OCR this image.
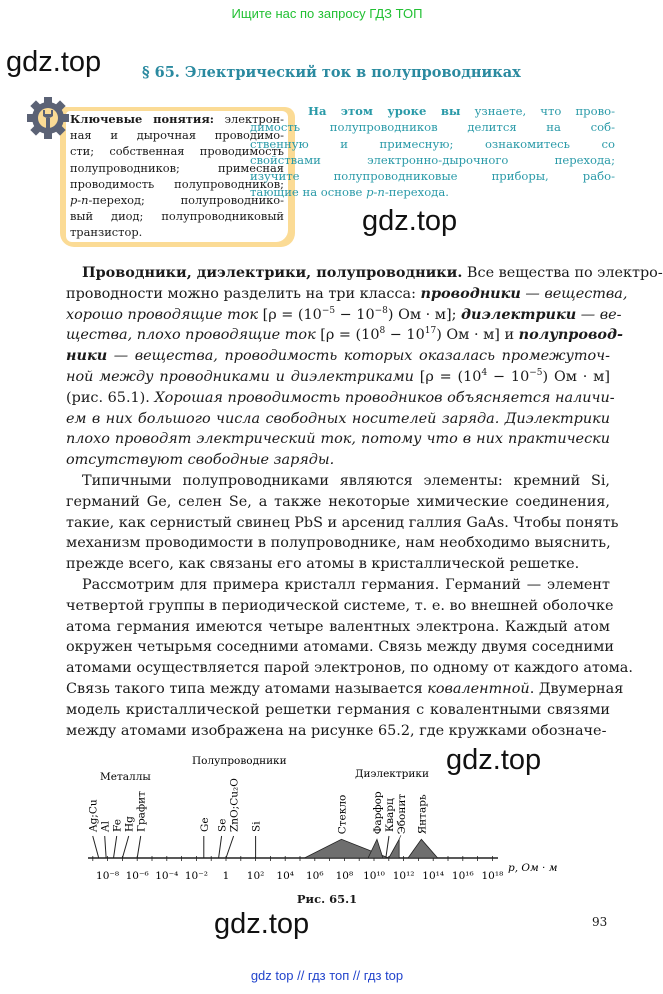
Ищите нас по запросу ГДЗ ТОП
gdz.top	§ 65. Электрический ток в полупроводниках
Ключевые понятия: электрон-
ная и дырочная проводимо-
сти; собственная проводимость
полупроводников; примесная
проводимость полупроводников;
p-n-переход; полупроводнико-
вый диод; полупроводниковый
транзистор.
На этом уроке вы узнаете, что прово-
димость полупроводников делится на соб-
ственную и примесную; ознакомитесь со
свойствами электронно-дырочного перехода;
изучите полупроводниковые приборы, рабо-
тающие на основе p-n-перехода.
gdz.top
Проводники, диэлектрики, полупроводники. Все вещества по электро-
проводности можно разделить на три класса: проводники — вещества,
хорошо проводящие ток [$\rho = (10^{-5} - 10^{-8})$ Ом · м]; диэлектрики — ве-
щества, плохо проводящие ток [$\rho = (10^8 - 10^{17})$ Ом · м] и полупровод-
ники — вещества, проводимость которых оказалась промежуточ-
ной между проводниками и диэлектриками [$\rho = (10^4 - 10^{-5})$ Ом · м]
(рис. 65.1). Хорошая проводимость проводников объясняется наличи-
ем в них большого числа свободных носителей заряда. Диэлектрики
плохо проводят электрический ток, потому что в них практически
отсутствуют свободные заряды.
Типичными полупроводниками являются элементы: кремний Si,
германий Ge, селен Se, а также некоторые химические соединения,
такие, как сернистый свинец PbS и арсенид галлия GaAs. Чтобы понять
механизм проводимости в полупроводнике, нам необходимо выяснить,
прежде всего, как связаны его атомы в кристаллической решетке.
Рассмотрим для примера кристалл германия. Германий — элемент
четвертой группы в периодической системе, т. е. во внешней оболочке
атома германия имеются четыре валентных электрона. Каждый атом
окружен четырьмя соседними атомами. Связь между двумя соседними
атомами осуществляется парой электронов, по одному от каждого атома.
Связь такого типа между атомами называется ковалентной. Двумерная
модель кристаллической решетки германия с ковалентными связями
между атомами изображена на рисунке 65.2, где кружками обозначе-
gdz.top
10⁻⁸ 10⁻⁶ 10⁻⁴ 10⁻² 1 10² 10⁴ 10⁶ 10⁸ 10¹⁰ 10¹² 10¹⁴ 10¹⁶ 10¹⁸
p, Ом · м
Металлы
Полупроводники
Диэлектрики
Ag;Cu Al Fe Hg Графит	Ge Se ZnO;Cu₂O Si	Стекло Фарфор Кварц Эбонит Янтарь
Рис. 65.1
gdz.top	93
gdz top // гдз топ // гдз top
